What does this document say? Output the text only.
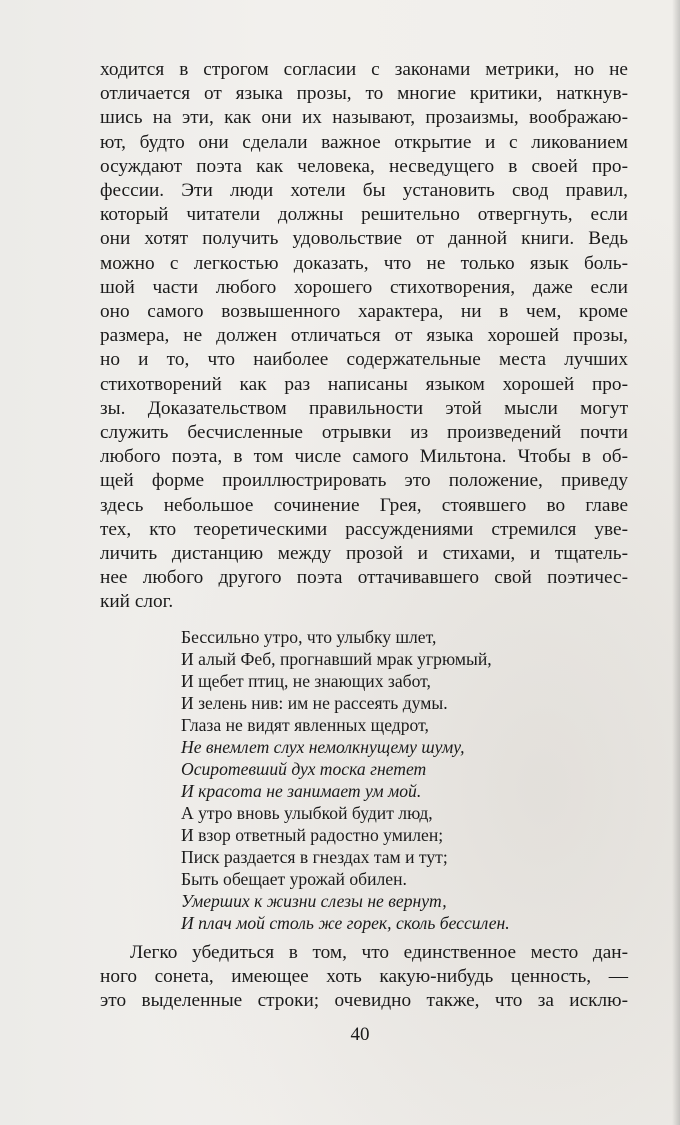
ходится в строгом согласии с законами метрики, но не
отличается от языка прозы, то многие критики, наткнув-
шись на эти, как они их называют, прозаизмы, воображаю-
ют, будто они сделали важное открытие и с ликованием
осуждают поэта как человека, несведущего в своей про-
фессии. Эти люди хотели бы установить свод правил,
который читатели должны решительно отвергнуть, если
они хотят получить удовольствие от данной книги. Ведь
можно с легкостью доказать, что не только язык боль-
шой части любого хорошего стихотворения, даже если
оно самого возвышенного характера, ни в чем, кроме
размера, не должен отличаться от языка хорошей прозы,
но и то, что наиболее содержательные места лучших
стихотворений как раз написаны языком хорошей про-
зы. Доказательством правильности этой мысли могут
служить бесчисленные отрывки из произведений почти
любого поэта, в том числе самого Мильтона. Чтобы в об-
щей форме проиллюстрировать это положение, приведу
здесь небольшое сочинение Грея, стоявшего во главе
тех, кто теоретическими рассуждениями стремился уве-
личить дистанцию между прозой и стихами, и тщатель-
нее любого другого поэта оттачивавшего свой поэтичес-
кий слог.
Бессильно утро, что улыбку шлет,
И алый Феб, прогнавший мрак угрюмый,
И щебет птиц, не знающих забот,
И зелень нив: им не рассеять думы.
Глаза не видят явленных щедрот,
Не внемлет слух немолкнущему шуму,
Осиротевший дух тоска гнетет
И красота не занимает ум мой.
А утро вновь улыбкой будит люд,
И взор ответный радостно умилен;
Писк раздается в гнездах там и тут;
Быть обещает урожай обилен.
Умерших к жизни слезы не вернут,
И плач мой столь же горек, сколь бессилен.
Легко убедиться в том, что единственное место дан-
ного сонета, имеющее хоть какую-нибудь ценность, —
это выделенные строки; очевидно также, что за исклю-
40
